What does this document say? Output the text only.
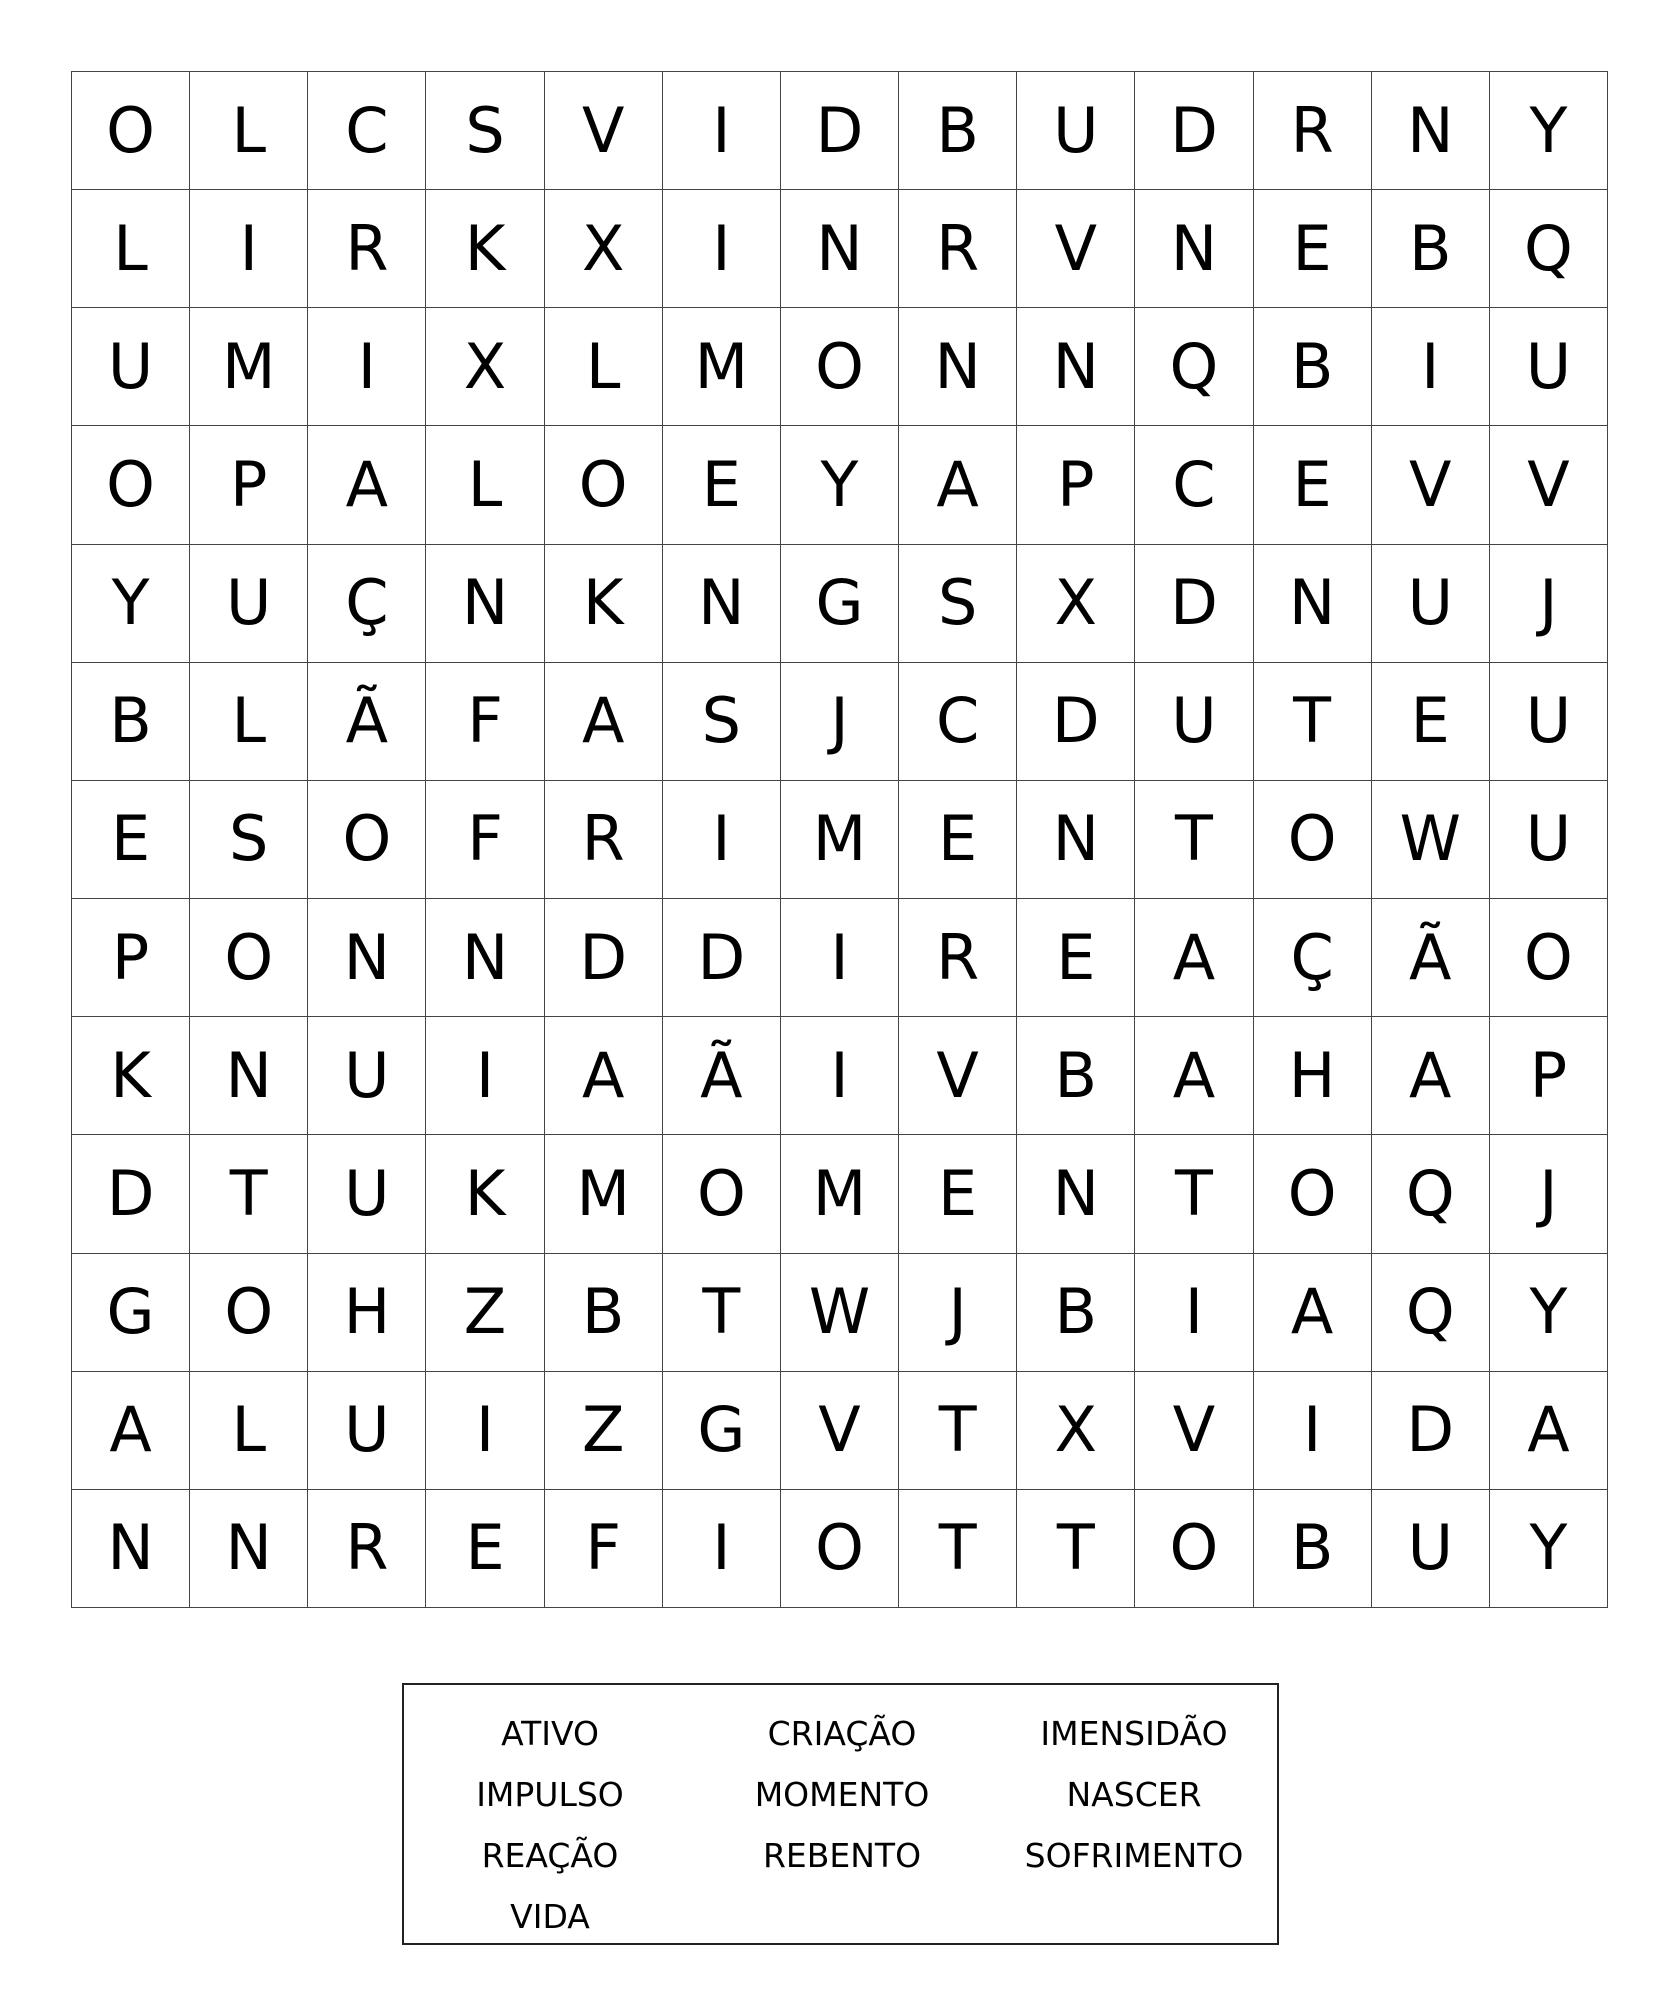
O	L	C	S	V	I	D	B	U	D	R	N	Y
L	I	R	K	X	I	N	R	V	N	E	B	Q
U	M	I	X	L	M	O	N	N	Q	B	I	U
O	P	A	L	O	E	Y	A	P	C	E	V	V
Y	U	Ç	N	K	N	G	S	X	D	N	U	J
B	L	Ã	F	A	S	J	C	D	U	T	E	U
E	S	O	F	R	I	M	E	N	T	O	W	U
P	O	N	N	D	D	I	R	E	A	Ç	Ã	O
K	N	U	I	A	Ã	I	V	B	A	H	A	P
D	T	U	K	M	O	M	E	N	T	O	Q	J
G	O	H	Z	B	T	W	J	B	I	A	Q	Y
A	L	U	I	Z	G	V	T	X	V	I	D	A
N	N	R	E	F	I	O	T	T	O	B	U	Y
ATIVO
IMPULSO
REAÇÃO
VIDA
CRIAÇÃO
MOMENTO
REBENTO
IMENSIDÃO
NASCER
SOFRIMENTO
